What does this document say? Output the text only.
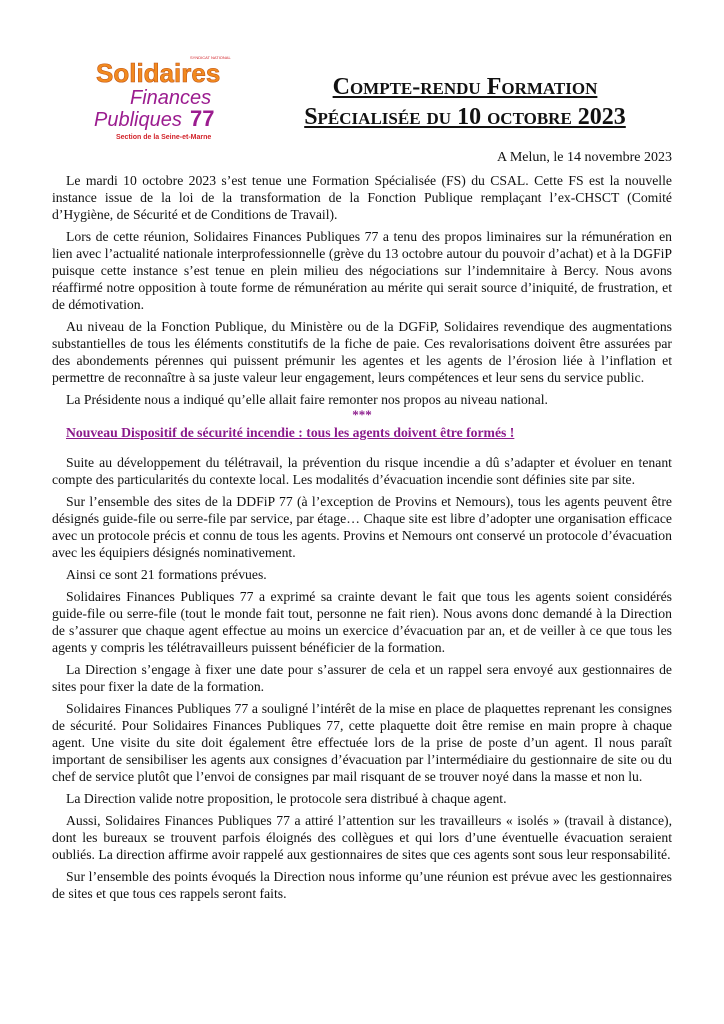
SYNDICAT NATIONAL
Solidaires
Finances
Publiques 77
Section de la Seine-et-Marne
Compte-rendu Formation
Spécialisée du 10 octobre 2023
A Melun, le 14 novembre 2023

Le mardi 10 octobre 2023 s’est tenue une Formation Spécialisée (FS) du CSAL. Cette FS est la nouvelle instance issue de la loi de la transformation de la Fonction Publique remplaçant l’ex-CHSCT (Comité d’Hygiène, de Sécurité et de Conditions de Travail).

Lors de cette réunion, Solidaires Finances Publiques 77 a tenu des propos liminaires sur la rémunération en lien avec l’actualité nationale interprofessionnelle (grève du 13 octobre autour du pouvoir d’achat) et à la DGFiP puisque cette instance s’est tenue en plein milieu des négociations sur l’indemnitaire à Bercy. Nous avons réaffirmé notre opposition à toute forme de rémunération au mérite qui serait source d’iniquité, de frustration, et de démotivation.

Au niveau de la Fonction Publique, du Ministère ou de la DGFiP, Solidaires revendique des augmentations substantielles de tous les éléments constitutifs de la fiche de paie. Ces revalorisations doivent être assurées par des abondements pérennes qui puissent prémunir les agentes et les agents de l’érosion liée à l’inflation et permettre de reconnaître à sa juste valeur leur engagement, leurs compétences et leur sens du service public.

La Présidente nous a indiqué qu’elle allait faire remonter nos propos au niveau national.

***
Nouveau Dispositif de sécurité incendie : tous les agents doivent être formés !

Suite au développement du télétravail, la prévention du risque incendie a dû s’adapter et évoluer en tenant compte des particularités du contexte local. Les modalités d’évacuation incendie sont définies site par site.

Sur l’ensemble des sites de la DDFiP 77 (à l’exception de Provins et Nemours), tous les agents peuvent être désignés guide-file ou serre-file par service, par étage… Chaque site est libre d’adopter une organisation efficace avec un protocole précis et connu de tous les agents. Provins et Nemours ont conservé un protocole d’évacuation avec les équipiers désignés nominativement.

Ainsi ce sont 21 formations prévues.

Solidaires Finances Publiques 77 a exprimé sa crainte devant le fait que tous les agents soient considérés guide-file ou serre-file (tout le monde fait tout, personne ne fait rien). Nous avons donc demandé à la Direction de s’assurer que chaque agent effectue au moins un exercice d’évacuation par an, et de veiller à ce que tous les agents y compris les télétravailleurs puissent bénéficier de la formation.

La Direction s’engage à fixer une date pour s’assurer de cela et un rappel sera envoyé aux gestionnaires de sites pour fixer la date de la formation.

Solidaires Finances Publiques 77 a souligné l’intérêt de la mise en place de plaquettes reprenant les consignes de sécurité. Pour Solidaires Finances Publiques 77, cette plaquette doit être remise en main propre à chaque agent. Une visite du site doit également être effectuée lors de la prise de poste d’un agent. Il nous paraît important de sensibiliser les agents aux consignes d’évacuation par l’intermédiaire du gestionnaire de site ou du chef de service plutôt que l’envoi de consignes par mail risquant de se trouver noyé dans la masse et non lu.

La Direction valide notre proposition, le protocole sera distribué à chaque agent.

Aussi, Solidaires Finances Publiques 77 a attiré l’attention sur les travailleurs « isolés » (travail à distance), dont les bureaux se trouvent parfois éloignés des collègues et qui lors d’une éventuelle évacuation seraient oubliés. La direction affirme avoir rappelé aux gestionnaires de sites que ces agents sont sous leur responsabilité.

Sur l’ensemble des points évoqués la Direction nous informe qu’une réunion est prévue avec les gestionnaires de sites et que tous ces rappels seront faits.
